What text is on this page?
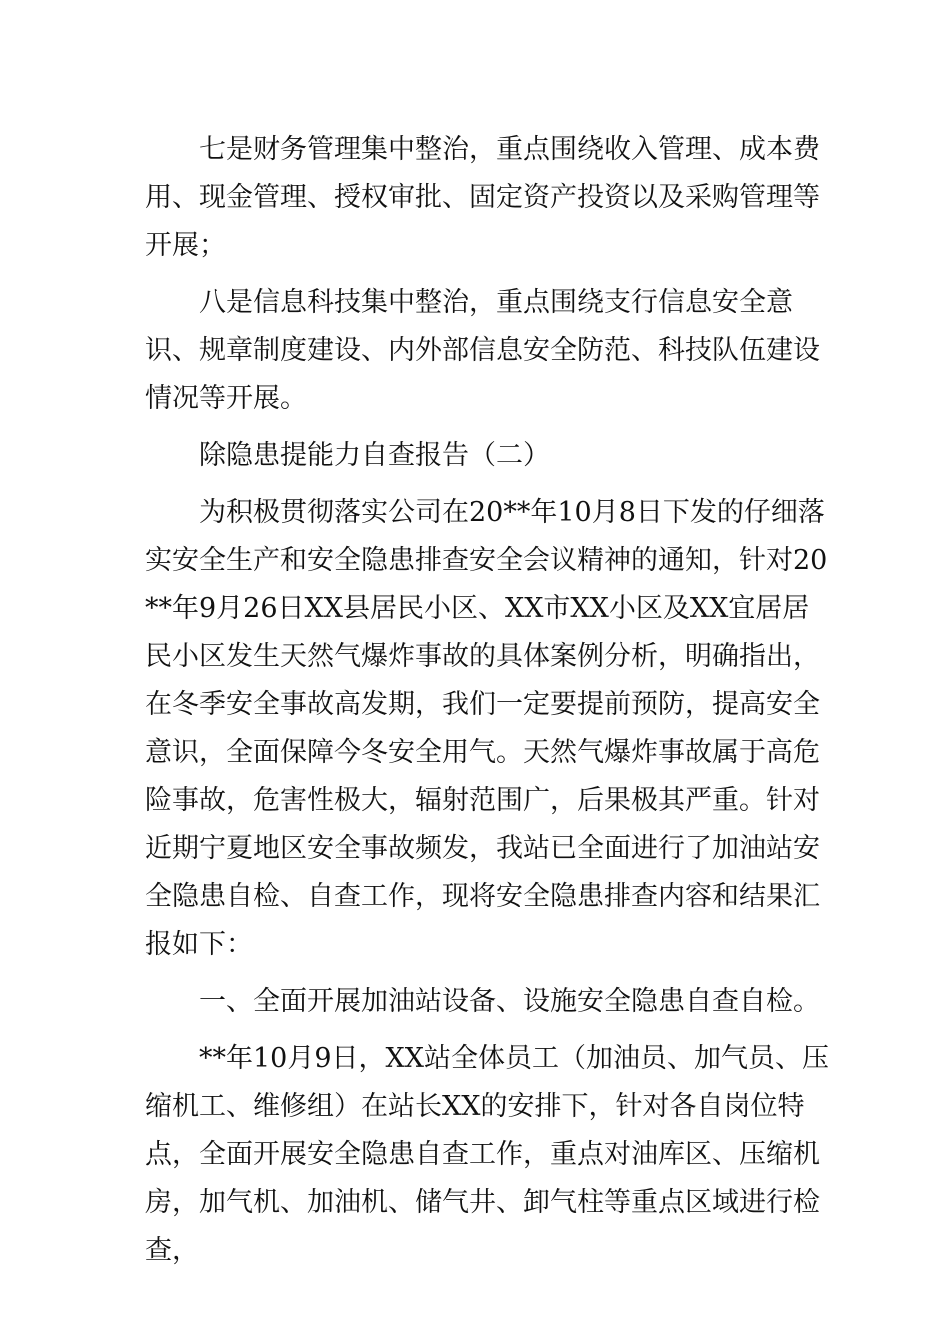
七是财务管理集中整治，重点围绕收入管理、成本费用、现金管理、授权审批、固定资产投资以及采购管理等开展；

八是信息科技集中整治，重点围绕支行信息安全意识、规章制度建设、内外部信息安全防范、科技队伍建设情况等开展。

除隐患提能力自查报告（二）

为积极贯彻落实公司在20**年10月8日下发的仔细落实安全生产和安全隐患排查安全会议精神的通知，针对20**年9月26日XX县居民小区、XX市XX小区及XX宜居居民小区发生天然气爆炸事故的具体案例分析，明确指出，在冬季安全事故高发期，我们一定要提前预防，提高安全意识，全面保障今冬安全用气。天然气爆炸事故属于高危险事故，危害性极大，辐射范围广，后果极其严重。针对近期宁夏地区安全事故频发，我站已全面进行了加油站安全隐患自检、自查工作，现将安全隐患排查内容和结果汇报如下：

一、全面开展加油站设备、设施安全隐患自查自检。

**年10月9日，XX站全体员工（加油员、加气员、压缩机工、维修组）在站长XX的安排下，针对各自岗位特点，全面开展安全隐患自查工作，重点对油库区、压缩机房，加气机、加油机、储气井、卸气柱等重点区域进行检查，
